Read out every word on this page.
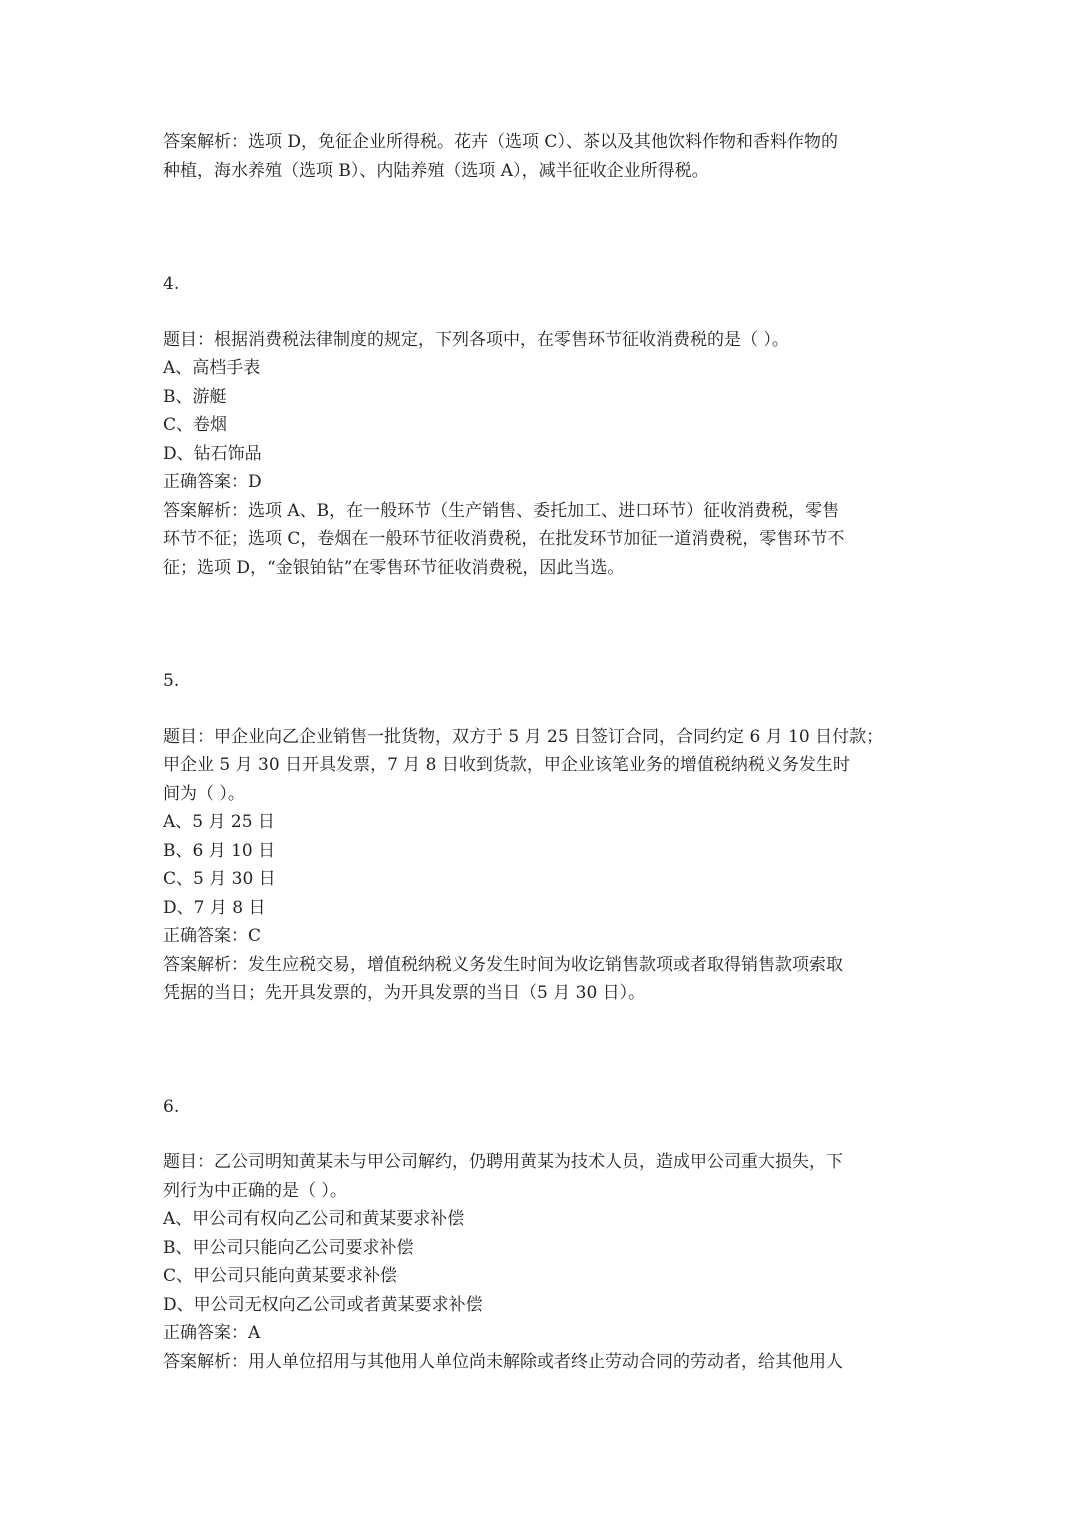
答案解析：选项 D，免征企业所得税。花卉（选项 C）、茶以及其他饮料作物和香料作物的

种植，海水养殖（选项 B）、内陆养殖（选项 A），减半征收企业所得税。

4.

题目：根据消费税法律制度的规定，下列各项中，在零售环节征收消费税的是（ ）。

A、高档手表

B、游艇

C、卷烟

D、钻石饰品

正确答案：D

答案解析：选项 A、B，在一般环节（生产销售、委托加工、进口环节）征收消费税，零售

环节不征；选项 C，卷烟在一般环节征收消费税，在批发环节加征一道消费税，零售环节不

征；选项 D，“金银铂钻”在零售环节征收消费税，因此当选。

5.

题目：甲企业向乙企业销售一批货物，双方于 5 月 25 日签订合同，合同约定 6 月 10 日付款；

甲企业 5 月 30 日开具发票，7 月 8 日收到货款，甲企业该笔业务的增值税纳税义务发生时

间为（ ）。

A、5 月 25 日

B、6 月 10 日

C、5 月 30 日

D、7 月 8 日

正确答案：C

答案解析：发生应税交易，增值税纳税义务发生时间为收讫销售款项或者取得销售款项索取

凭据的当日；先开具发票的，为开具发票的当日（5 月 30 日）。

6.

题目：乙公司明知黄某未与甲公司解约，仍聘用黄某为技术人员，造成甲公司重大损失，下

列行为中正确的是（ ）。

A、甲公司有权向乙公司和黄某要求补偿

B、甲公司只能向乙公司要求补偿

C、甲公司只能向黄某要求补偿

D、甲公司无权向乙公司或者黄某要求补偿

正确答案：A

答案解析：用人单位招用与其他用人单位尚未解除或者终止劳动合同的劳动者，给其他用人
